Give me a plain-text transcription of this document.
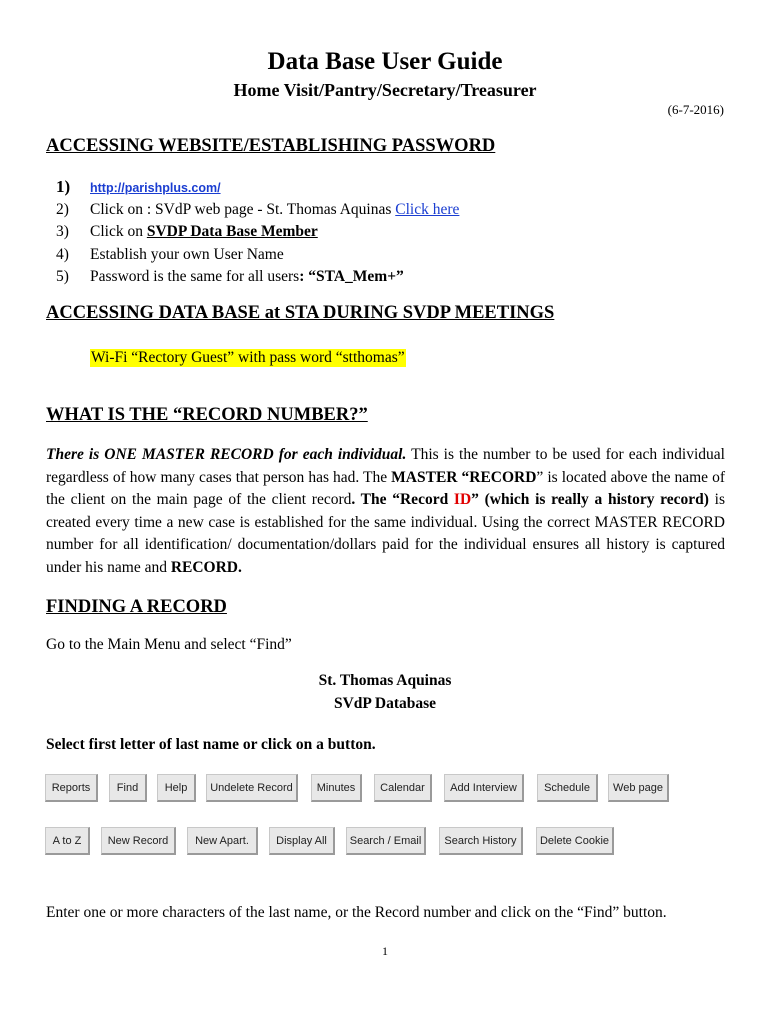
Data Base User Guide
Home Visit/Pantry/Secretary/Treasurer
(6-7-2016)
ACCESSING WEBSITE/ESTABLISHING PASSWORD
1) http://parishplus.com/
2) Click on : SVdP web page - St. Thomas Aquinas Click here
3) Click on SVDP Data Base Member
4) Establish your own User Name
5) Password is the same for all users: “STA_Mem+”
ACCESSING DATA BASE at STA DURING SVDP MEETINGS
Wi-Fi “Rectory Guest” with pass word “stthomas”
WHAT IS THE “RECORD NUMBER?”
There is ONE MASTER RECORD for each individual. This is the number to be used for each individual regardless of how many cases that person has had. The MASTER “RECORD” is located above the name of the client on the main page of the client record. The “Record ID” (which is really a history record) is created every time a new case is established for the same individual. Using the correct MASTER RECORD number for all identification/ documentation/dollars paid for the individual ensures all history is captured under his name and RECORD.
FINDING A RECORD
Go to the Main Menu and select “Find”
St. Thomas Aquinas
SVdP Database
Select first letter of last name or click on a button.
Reports	Find	Help	Undelete Record	Minutes	Calendar	Add Interview	Schedule	Web page
A to Z	New Record	New Apart.	Display All	Search / Email	Search History	Delete Cookie
Enter one or more characters of the last name, or the Record number and click on the “Find” button.
1
